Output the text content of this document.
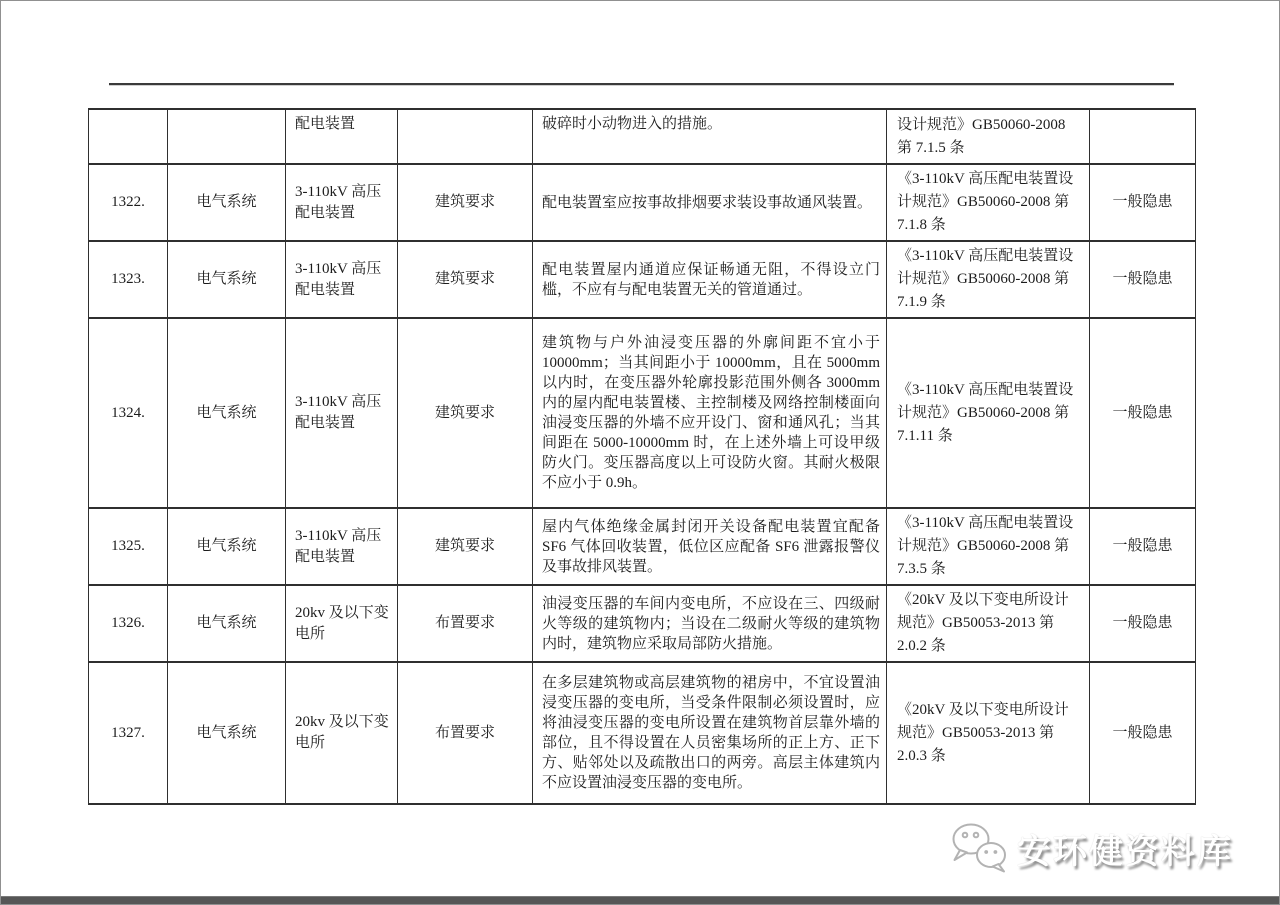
		配电装置		破碎时小动物进入的措施。	设计规范》GB50060-2008 第 7.1.5 条	
1322.	电气系统	3-110kV 高压配电装置	建筑要求	配电装置室应按事故排烟要求装设事故通风装置。	《3-110kV 高压配电装置设计规范》GB50060-2008 第 7.1.8 条	一般隐患
1323.	电气系统	3-110kV 高压配电装置	建筑要求	配电装置屋内通道应保证畅通无阻，不得设立门槛，不应有与配电装置无关的管道通过。	《3-110kV 高压配电装置设计规范》GB50060-2008 第 7.1.9 条	一般隐患
1324.	电气系统	3-110kV 高压配电装置	建筑要求	建筑物与户外油浸变压器的外廓间距不宜小于10000mm；当其间距小于 10000mm，且在 5000mm以内时，在变压器外轮廓投影范围外侧各 3000mm内的屋内配电装置楼、主控制楼及网络控制楼面向油浸变压器的外墙不应开设门、窗和通风孔；当其间距在 5000-10000mm 时，在上述外墙上可设甲级防火门。变压器高度以上可设防火窗。其耐火极限不应小于 0.9h。	《3-110kV 高压配电装置设计规范》GB50060-2008 第 7.1.11 条	一般隐患
1325.	电气系统	3-110kV 高压配电装置	建筑要求	屋内气体绝缘金属封闭开关设备配电装置宜配备 SF6 气体回收装置，低位区应配备 SF6 泄露报警仪及事故排风装置。	《3-110kV 高压配电装置设计规范》GB50060-2008 第 7.3.5 条	一般隐患
1326.	电气系统	20kv 及以下变电所	布置要求	油浸变压器的车间内变电所，不应设在三、四级耐火等级的建筑物内；当设在二级耐火等级的建筑物内时，建筑物应采取局部防火措施。	《20kV 及以下变电所设计规范》GB50053-2013 第 2.0.2 条	一般隐患
1327.	电气系统	20kv 及以下变电所	布置要求	在多层建筑物或高层建筑物的裙房中，不宜设置油浸变压器的变电所，当受条件限制必须设置时，应将油浸变压器的变电所设置在建筑物首层靠外墙的部位，且不得设置在人员密集场所的正上方、正下方、贴邻处以及疏散出口的两旁。高层主体建筑内不应设置油浸变压器的变电所。	《20kV 及以下变电所设计规范》GB50053-2013 第 2.0.3 条	一般隐患
安环健资料库
